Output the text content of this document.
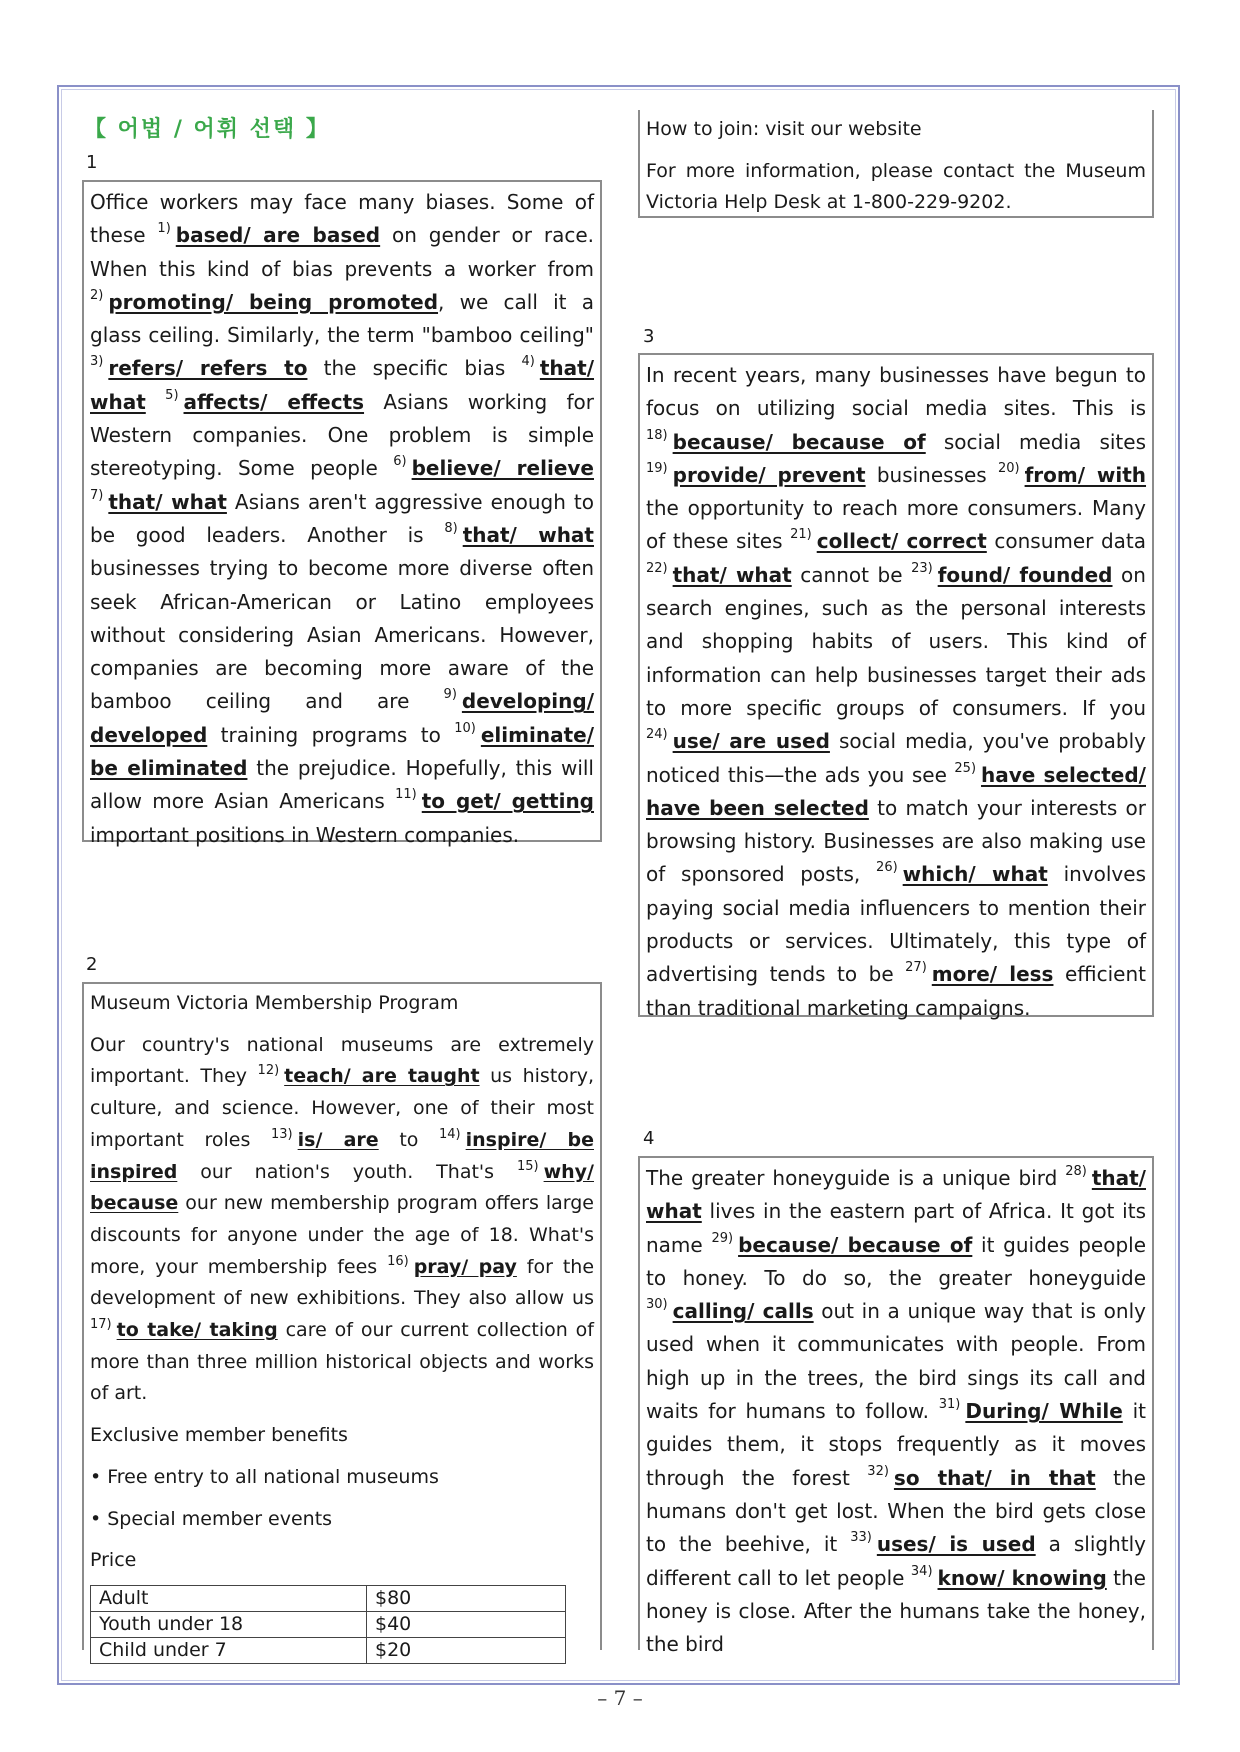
【 어법 / 어휘 선택 】
1
Office workers may face many biases. Some of these $^{1)}$ based/ are based on gender or race. When this kind of bias prevents a worker from $^{2)}$ promoting/ being promoted, we call it a glass ceiling. Similarly, the term "bamboo ceiling" $^{3)}$ refers/ refers to the specific bias $^{4)}$ that/ what $^{5)}$ affects/ effects Asians working for Western companies. One problem is simple stereotyping. Some people $^{6)}$ believe/ relieve $^{7)}$ that/ what Asians aren't aggressive enough to be good leaders. Another is $^{8)}$ that/ what businesses trying to become more diverse often seek African-American or Latino employees without considering Asian Americans. However, companies are becoming more aware of the bamboo ceiling and are $^{9)}$ developing/ developed training programs to $^{10)}$ eliminate/ be eliminated the prejudice. Hopefully, this will allow more Asian Americans $^{11)}$ to get/ getting important positions in Western companies.
2
Museum Victoria Membership Program
Our country's national museums are extremely important. They $^{12)}$ teach/ are taught us history, culture, and science. However, one of their most important roles $^{13)}$ is/ are to $^{14)}$ inspire/ be inspired our nation's youth. That's $^{15)}$ why/ because our new membership program offers large discounts for anyone under the age of 18. What's more, your membership fees $^{16)}$ pray/ pay for the development of new exhibitions. They also allow us $^{17)}$ to take/ taking care of our current collection of more than three million historical objects and works of art.
Exclusive member benefits
• Free entry to all national museums
• Special member events
Price
Adult	$80
Youth under 18	$40
Child under 7	$20
How to join: visit our website
For more information, please contact the Museum Victoria Help Desk at 1-800-229-9202.
3
In recent years, many businesses have begun to focus on utilizing social media sites. This is $^{18)}$ because/ because of social media sites $^{19)}$ provide/ prevent businesses $^{20)}$ from/ with the opportunity to reach more consumers. Many of these sites $^{21)}$ collect/ correct consumer data $^{22)}$ that/ what cannot be $^{23)}$ found/ founded on search engines, such as the personal interests and shopping habits of users. This kind of information can help businesses target their ads to more specific groups of consumers. If you $^{24)}$ use/ are used social media, you've probably noticed this—the ads you see $^{25)}$ have selected/ have been selected to match your interests or browsing history. Businesses are also making use of sponsored posts, $^{26)}$ which/ what involves paying social media influencers to mention their products or services. Ultimately, this type of advertising tends to be $^{27)}$ more/ less efficient than traditional marketing campaigns.
4
The greater honeyguide is a unique bird $^{28)}$ that/ what lives in the eastern part of Africa. It got its name $^{29)}$ because/ because of it guides people to honey. To do so, the greater honeyguide $^{30)}$ calling/ calls out in a unique way that is only used when it communicates with people. From high up in the trees, the bird sings its call and waits for humans to follow. $^{31)}$ During/ While it guides them, it stops frequently as it moves through the forest $^{32)}$ so that/ in that the humans don't get lost. When the bird gets close to the beehive, it $^{33)}$ uses/ is used a slightly different call to let people $^{34)}$ know/ knowing the honey is close. After the humans take the honey, the bird
– 7 –
